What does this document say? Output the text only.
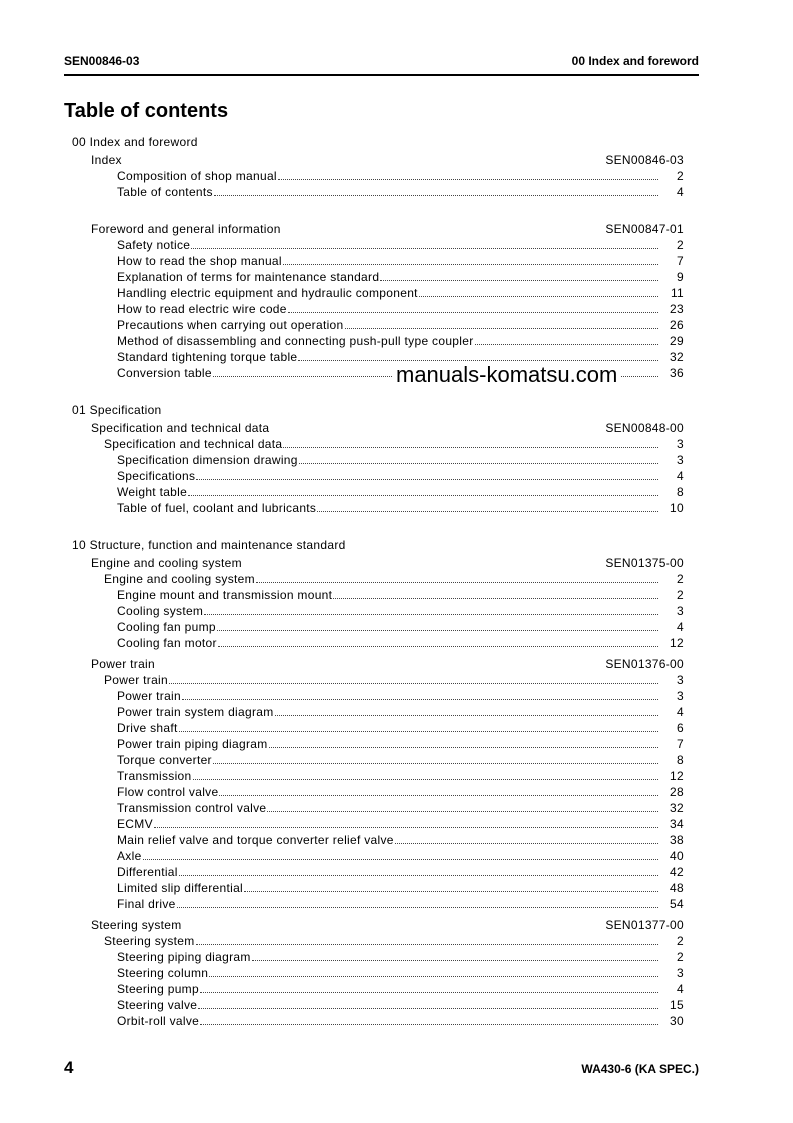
SEN00846-03	00 Index and foreword
Table of contents
00 Index and foreword
Index	SEN00846-03
Composition of shop manual	2
Table of contents	4
Foreword and general information	SEN00847-01
Safety notice	2
How to read the shop manual	7
Explanation of terms for maintenance standard	9
Handling electric equipment and hydraulic component	11
How to read electric wire code	23
Precautions when carrying out operation	26
Method of disassembling and connecting push-pull type coupler	29
Standard tightening torque table	32
Conversion table	36
01 Specification
Specification and technical data	SEN00848-00
Specification and technical data	3
Specification dimension drawing	3
Specifications	4
Weight table	8
Table of fuel, coolant and lubricants	10
10 Structure, function and maintenance standard
Engine and cooling system	SEN01375-00
Engine and cooling system	2
Engine mount and transmission mount	2
Cooling system	3
Cooling fan pump	4
Cooling fan motor	12
Power train	SEN01376-00
Power train	3
Power train	3
Power train system diagram	4
Drive shaft	6
Power train piping diagram	7
Torque converter	8
Transmission	12
Flow control valve	28
Transmission control valve	32
ECMV	34
Main relief valve and torque converter relief valve	38
Axle	40
Differential	42
Limited slip differential	48
Final drive	54
Steering system	SEN01377-00
Steering system	2
Steering piping diagram	2
Steering column	3
Steering pump	4
Steering valve	15
Orbit-roll valve	30
manuals-komatsu.com
4	WA430-6 (KA SPEC.)
